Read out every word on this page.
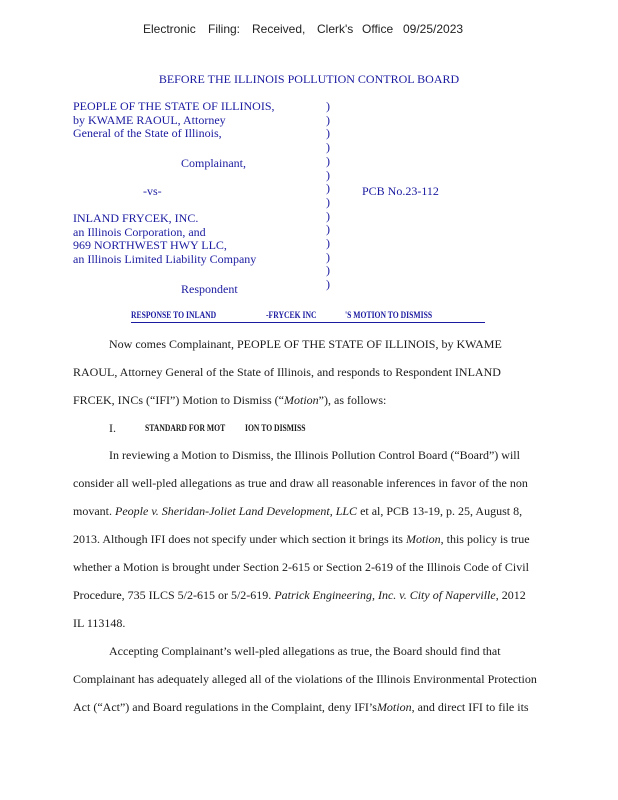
Electronic Filing: Received, Clerk's Office 09/25/2023
BEFORE THE ILLINOIS POLLUTION CONTROL BOARD
PEOPLE OF THE STATE OF ILLINOIS,
by KWAME RAOUL, Attorney
General of the State of Illinois,
Complainant,
-vs-	PCB No.23-112
INLAND FRYCEK, INC.
an Illinois Corporation, and
969 NORTHWEST HWY LLC,
an Illinois Limited Liability Company
Respondent
)
)
)
)
)
)
)
)
)
)
)
)
)
)
RESPONSE TO INLAND	-FRYCEK INC	'S MOTION TO DISMISS
Now comes Complainant, PEOPLE OF THE STATE OF ILLINOIS, by KWAME
RAOUL, Attorney General of the State of Illinois, and responds to Respondent INLAND
FRCEK, INCs (“IFI”) Motion to Dismiss (“Motion”), as follows:
I.	STANDARD FOR MOT ION TO DISMISS
In reviewing a Motion to Dismiss, the Illinois Pollution Control Board (“Board”) will
consider all well-pled allegations as true and draw all reasonable inferences in favor of the non
movant. People v. Sheridan-Joliet Land Development, LLC et al, PCB 13-19, p. 25, August 8,
2013. Although IFI does not specify under which section it brings its Motion, this policy is true
whether a Motion is brought under Section 2-615 or Section 2-619 of the Illinois Code of Civil
Procedure, 735 ILCS 5/2-615 or 5/2-619. Patrick Engineering, Inc. v. City of Naperville, 2012
IL 113148.
Accepting Complainant’s well-pled allegations as true, the Board should find that
Complainant has adequately alleged all of the violations of the Illinois Environmental Protection
Act (“Act”) and Board regulations in the Complaint, deny IFI’sMotion, and direct IFI to file its
